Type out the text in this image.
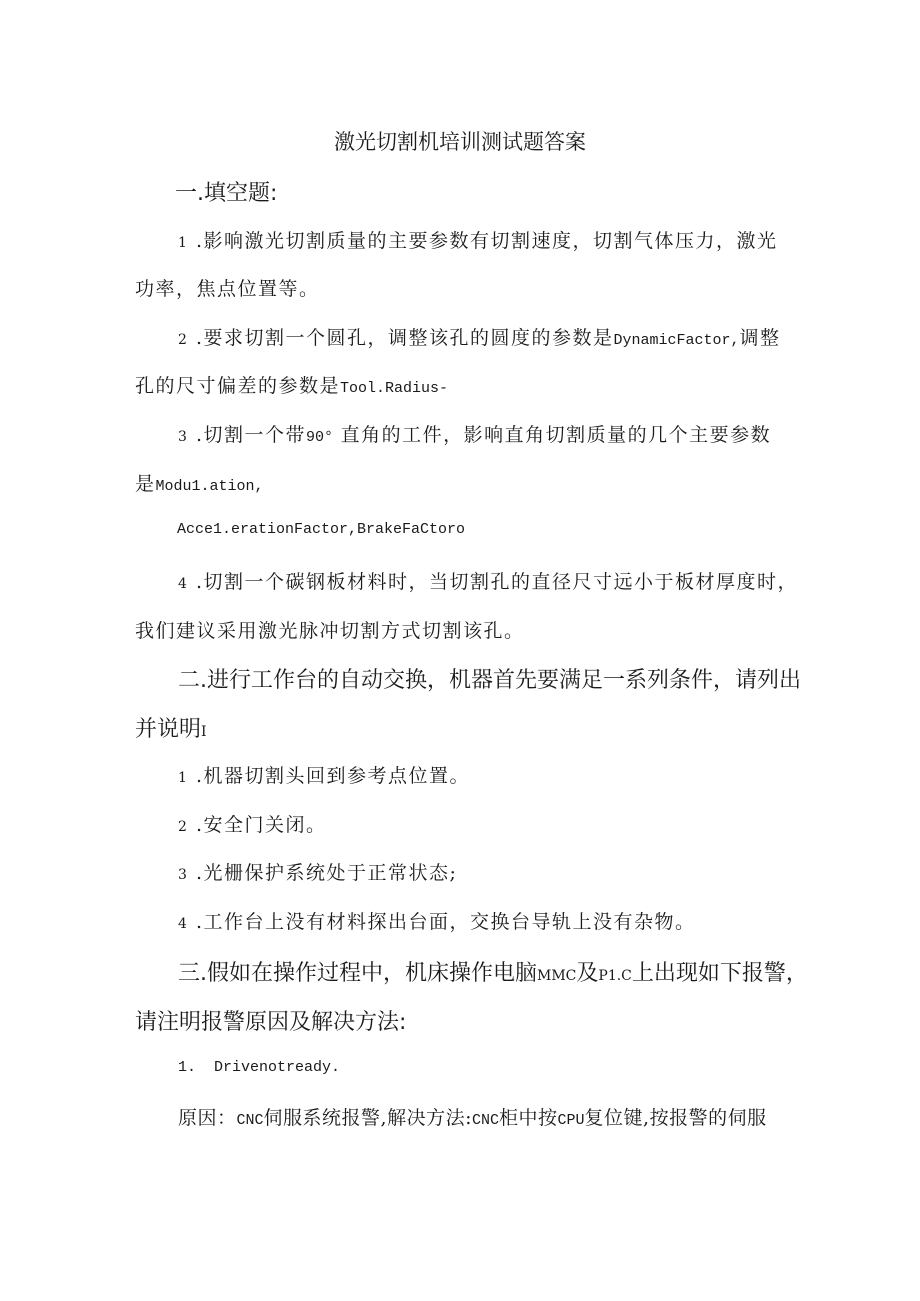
激光切割机培训测试题答案
一.填空题:
1 .影响激光切割质量的主要参数有切割速度，切割气体压力，激光
功率，焦点位置等。
2 .要求切割一个圆孔，调整该孔的圆度的参数是DynamicFactor,调整
孔的尺寸偏差的参数是Tool.Radius-
3 .切割一个带90° 直角的工件，影响直角切割质量的几个主要参数
是Modu1.ation,
Acce1.erationFactor,BrakeFaCtoro
4 .切割一个碳钢板材料时，当切割孔的直径尺寸远小于板材厚度时，
我们建议采用激光脉冲切割方式切割该孔。
二.进行工作台的自动交换，机器首先要满足一系列条件，请列出
并说明I
1 .机器切割头回到参考点位置。
2 .安全门关闭。
3 .光栅保护系统处于正常状态;
4 .工作台上没有材料探出台面，交换台导轨上没有杂物。
三.假如在操作过程中，机床操作电脑MMC及P1.C上出现如下报警，
请注明报警原因及解决方法:
1. Drivenotready.
原因：CNC伺服系统报警,解决方法:CNC柜中按CPU复位键,按报警的伺服
